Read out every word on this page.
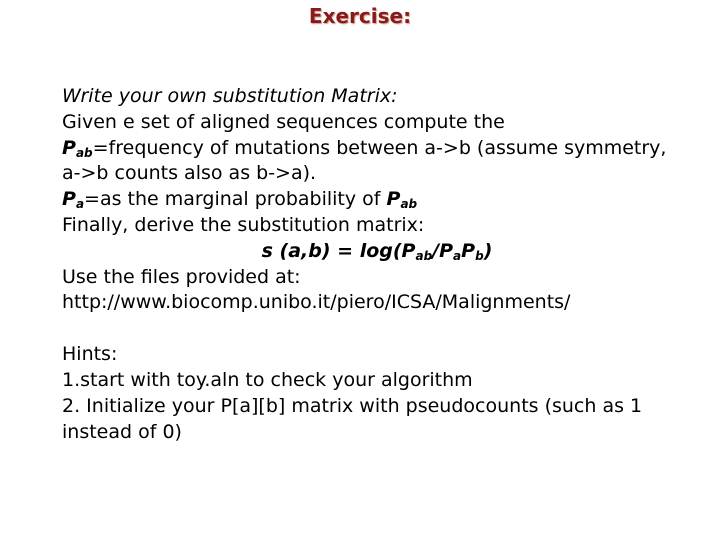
Exercise:
Write your own substitution Matrix:
Given e set of aligned sequences compute the
$P_{ab}=frequency$ of mutations between a->b (assume symmetry,
a->b counts also as b->a).
$P_a=as$ the marginal probability of $P_{ab}$
Finally, derive the substitution matrix:
s $(a,b) = \log(P_{ab}/P_aP_b)$
Use the files provided at:
http://www.biocomp.unibo.it/piero/ICSA/Malignments/
Hints:
1.start with toy.aln to check your algorithm
2. Initialize your P[a][b] matrix with pseudocounts (such as 1
instead of 0)
